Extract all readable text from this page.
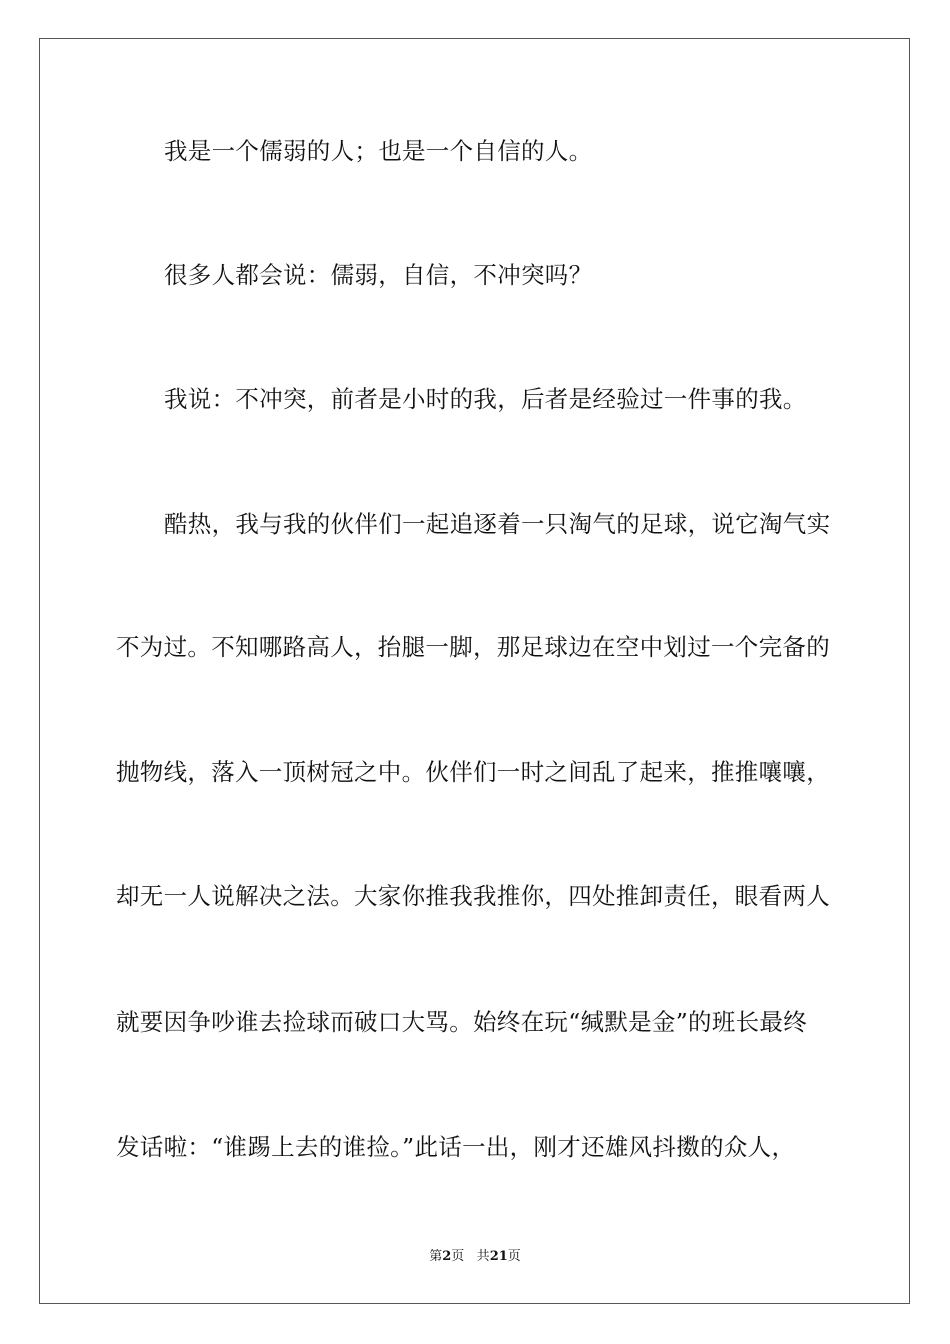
我是一个儒弱的人；也是一个自信的人。
很多人都会说：儒弱，自信，不冲突吗？
我说：不冲突，前者是小时的我，后者是经验过一件事的我。
酷热，我与我的伙伴们一起追逐着一只淘气的足球，说它淘气实
不为过。不知哪路高人，抬腿一脚，那足球边在空中划过一个完备的
抛物线，落入一顶树冠之中。伙伴们一时之间乱了起来，推推嚷嚷，
却无一人说解决之法。大家你推我我推你，四处推卸责任，眼看两人
就要因争吵谁去捡球而破口大骂。始终在玩“缄默是金”的班长最终
发话啦：“谁踢上去的谁捡。”此话一出，刚才还雄风抖擞的众人，
第2页 共21页
